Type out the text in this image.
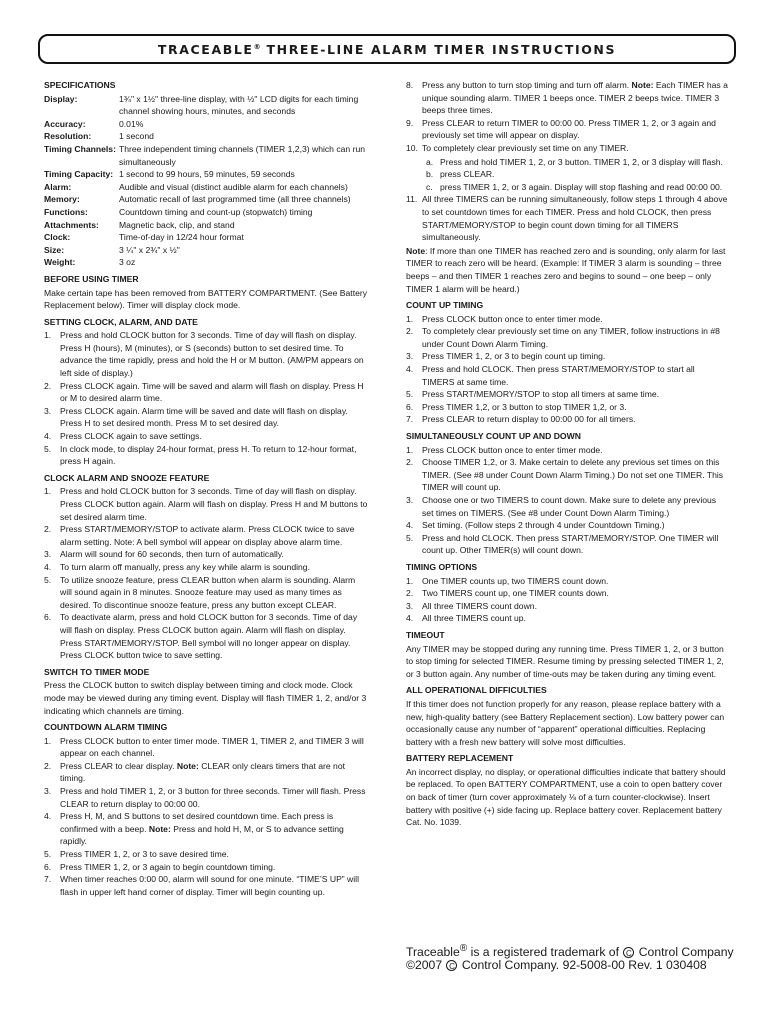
TRACEABLE® THREE-LINE ALARM TIMER INSTRUCTIONS
SPECIFICATIONS
Display:	1¾" x 1½" three-line display, with ½" LCD digits for each timing channel showing hours, minutes, and seconds
Accuracy:	0.01%
Resolution:	1 second
Timing Channels:	Three independent timing channels (TIMER 1,2,3) which can run simultaneously
Timing Capacity:	1 second to 99 hours, 59 minutes, 59 seconds
Alarm:	Audible and visual (distinct audible alarm for each channels)
Memory:	Automatic recall of last programmed time (all three channels)
Functions:	Countdown timing and count-up (stopwatch) timing
Attachments:	Magnetic back, clip, and stand
Clock:	Time-of-day in 12/24 hour format
Size:	3 ¼" x 2¾" x ½"
Weight:	3 oz
BEFORE USING TIMER

Make certain tape has been removed from BATTERY COMPARTMENT. (See Battery Replacement below). Timer will display clock mode.

SETTING CLOCK, ALARM, AND DATE
1. Press and hold CLOCK button for 3 seconds. Time of day will flash on display. Press H (hours), M (minutes), or S (seconds) button to set desired time. To advance the time rapidly, press and hold the H or M button. (AM/PM appears on left side of display.)
2. Press CLOCK again. Time will be saved and alarm will flash on display. Press H or M to desired alarm time.
3. Press CLOCK again. Alarm time will be saved and date will flash on display. Press H to set desired month. Press M to set desired day.
4. Press CLOCK again to save settings.
5. In clock mode, to display 24-hour format, press H. To return to 12-hour format, press H again.
CLOCK ALARM AND SNOOZE FEATURE
1. Press and hold CLOCK button for 3 seconds. Time of day will flash on display. Press CLOCK button again. Alarm will flash on display. Press H and M buttons to set desired alarm time.
2. Press START/MEMORY/STOP to activate alarm. Press CLOCK twice to save alarm setting. Note: A bell symbol will appear on display above alarm time.
3. Alarm will sound for 60 seconds, then turn of automatically.
4. To turn alarm off manually, press any key while alarm is sounding.
5. To utilize snooze feature, press CLEAR button when alarm is sounding. Alarm will sound again in 8 minutes. Snooze feature may used as many times as desired. To discontinue snooze feature, press any button except CLEAR.
6. To deactivate alarm, press and hold CLOCK button for 3 seconds. Time of day will flash on display. Press CLOCK button again. Alarm will flash on display. Press START/MEMORY/STOP. Bell symbol will no longer appear on display. Press CLOCK button twice to save setting.
SWITCH TO TIMER MODE

Press the CLOCK button to switch display between timing and clock mode. Clock mode may be viewed during any timing event. Display will flash TIMER 1, 2, and/or 3 indicating which channels are timing.

COUNTDOWN ALARM TIMING
1. Press CLOCK button to enter timer mode. TIMER 1, TIMER 2, and TIMER 3 will appear on each channel.
2. Press CLEAR to clear display. Note: CLEAR only clears timers that are not timing.
3. Press and hold TIMER 1, 2, or 3 button for three seconds. Timer will flash. Press CLEAR to return display to 00:00 00.
4. Press H, M, and S buttons to set desired countdown time. Each press is confirmed with a beep. Note: Press and hold H, M, or S to advance setting rapidly.
5. Press TIMER 1, 2, or 3 to save desired time.
6. Press TIMER 1, 2, or 3 again to begin countdown timing.
7. When timer reaches 0:00 00, alarm will sound for one minute. “TIME’S UP” will flash in upper left hand corner of display. Timer will begin counting up.
8. Press any button to turn stop timing and turn off alarm. Note: Each TIMER has a unique sounding alarm. TIMER 1 beeps once. TIMER 2 beeps twice. TIMER 3 beeps three times.
9. Press CLEAR to return TIMER to 00:00 00. Press TIMER 1, 2, or 3 again and previously set time will appear on display.
10. To completely clear previously set time on any TIMER.
a. Press and hold TIMER 1, 2, or 3 button. TIMER 1, 2, or 3 display will flash.
b. press CLEAR.
c. press TIMER 1, 2, or 3 again. Display will stop flashing and read 00:00 00.
11. All three TIMERS can be running simultaneously, follow steps 1 through 4 above to set countdown times for each TIMER. Press and hold CLOCK, then press START/MEMORY/STOP to begin count down timing for all TIMERS simultaneously.

Note: If more than one TIMER has reached zero and is sounding, only alarm for last TIMER to reach zero will be heard. (Example: If TIMER 3 alarm is sounding – three beeps – and then TIMER 1 reaches zero and begins to sound – one beep – only TIMER 1 alarm will be heard.)

COUNT UP TIMING
1. Press CLOCK button once to enter timer mode.
2. To completely clear previously set time on any TIMER, follow instructions in #8 under Count Down Alarm Timing.
3. Press TIMER 1, 2, or 3 to begin count up timing.
4. Press and hold CLOCK. Then press START/MEMORY/STOP to start all TIMERS at same time.
5. Press START/MEMORY/STOP to stop all timers at same time.
6. Press TIMER 1,2, or 3 button to stop TIMER 1,2, or 3.
7. Press CLEAR to return display to 00:00 00 for all timers.
SIMULTANEOUSLY COUNT UP AND DOWN
1. Press CLOCK button once to enter timer mode.
2. Choose TIMER 1,2, or 3. Make certain to delete any previous set times on this TIMER. (See #8 under Count Down Alarm Timing.) Do not set one TIMER. This TIMER will count up.
3. Choose one or two TIMERS to count down. Make sure to delete any previous set times on TIMERS. (See #8 under Count Down Alarm Timing.)
4. Set timing. (Follow steps 2 through 4 under Countdown Timing.)
5. Press and hold CLOCK. Then press START/MEMORY/STOP. One TIMER will count up. Other TIMER(s) will count down.
TIMING OPTIONS
1. One TIMER counts up, two TIMERS count down.
2. Two TIMERS count up, one TIMER counts down.
3. All three TIMERS count down.
4. All three TIMERS count up.
TIMEOUT

Any TIMER may be stopped during any running time. Press TIMER 1, 2, or 3 button to stop timing for selected TIMER. Resume timing by pressing selected TIMER 1, 2, or 3 button again. Any number of time-outs may be taken during any timing event.

ALL OPERATIONAL DIFFICULTIES

If this timer does not function properly for any reason, please replace battery with a new, high-quality battery (see Battery Replacement section). Low battery power can occasionally cause any number of “apparent” operational difficulties. Replacing battery with a fresh new battery will solve most difficulties.

BATTERY REPLACEMENT

An incorrect display, no display, or operational difficulties indicate that battery should be replaced. To open BATTERY COMPARTMENT, use a coin to open battery cover on back of timer (turn cover approximately ⅛ of a turn counter-clockwise). Insert battery with positive (+) side facing up. Replace battery cover. Replacement battery Cat. No. 1039.

Traceable® is a registered trademark of C Control Company
©2007 C Control Company. 92-5008-00 Rev. 1 030408
